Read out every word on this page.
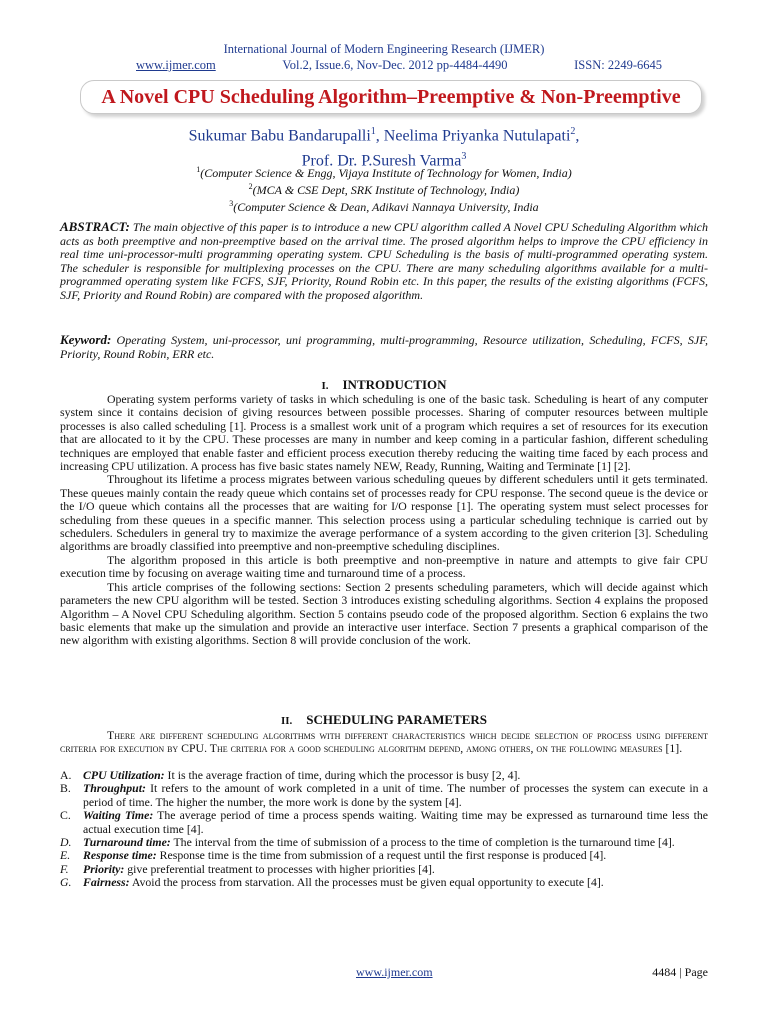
International Journal of Modern Engineering Research (IJMER)
www.ijmer.com	Vol.2, Issue.6, Nov-Dec. 2012 pp-4484-4490	ISSN: 2249-6645
A Novel CPU Scheduling Algorithm–Preemptive & Non-Preemptive
Sukumar Babu Bandarupalli$^1$, Neelima Priyanka Nutulapati$^2$,
Prof. Dr. P.Suresh Varma$^3$
$^1$(Computer Science & Engg, Vijaya Institute of Technology for Women, India)
$^2$(MCA & CSE Dept, SRK Institute of Technology, India)
$^3$(Computer Science & Dean, Adikavi Nannaya University, India
ABSTRACT: The main objective of this paper is to introduce a new CPU algorithm called A Novel CPU Scheduling Algorithm which acts as both preemptive and non-preemptive based on the arrival time. The prosed algorithm helps to improve the CPU efficiency in real time uni-processor-multi programming operating system. CPU Scheduling is the basis of multi-programmed operating system. The scheduler is responsible for multiplexing processes on the CPU. There are many scheduling algorithms available for a multi-programmed operating system like FCFS, SJF, Priority, Round Robin etc. In this paper, the results of the existing algorithms (FCFS, SJF, Priority and Round Robin) are compared with the proposed algorithm.
Keyword: Operating System, uni-processor, uni programming, multi-programming, Resource utilization, Scheduling, FCFS, SJF, Priority, Round Robin, ERR etc.
I. INTRODUCTION

Operating system performs variety of tasks in which scheduling is one of the basic task. Scheduling is heart of any computer system since it contains decision of giving resources between possible processes. Sharing of computer resources between multiple processes is also called scheduling [1]. Process is a smallest work unit of a program which requires a set of resources for its execution that are allocated to it by the CPU. These processes are many in number and keep coming in a particular fashion, different scheduling techniques are employed that enable faster and efficient process execution thereby reducing the waiting time faced by each process and increasing CPU utilization. A process has five basic states namely NEW, Ready, Running, Waiting and Terminate [1] [2].

Throughout its lifetime a process migrates between various scheduling queues by different schedulers until it gets terminated. These queues mainly contain the ready queue which contains set of processes ready for CPU response. The second queue is the device or the I/O queue which contains all the processes that are waiting for I/O response [1]. The operating system must select processes for scheduling from these queues in a specific manner. This selection process using a particular scheduling technique is carried out by schedulers. Schedulers in general try to maximize the average performance of a system according to the given criterion [3]. Scheduling algorithms are broadly classified into preemptive and non-preemptive scheduling disciplines.

The algorithm proposed in this article is both preemptive and non-preemptive in nature and attempts to give fair CPU execution time by focusing on average waiting time and turnaround time of a process.

This article comprises of the following sections: Section 2 presents scheduling parameters, which will decide against which parameters the new CPU algorithm will be tested. Section 3 introduces existing scheduling algorithms. Section 4 explains the proposed Algorithm – A Novel CPU Scheduling algorithm. Section 5 contains pseudo code of the proposed algorithm. Section 6 explains the two basic elements that make up the simulation and provide an interactive user interface. Section 7 presents a graphical comparison of the new algorithm with existing algorithms. Section 8 will provide conclusion of the work.

II. SCHEDULING PARAMETERS

There are different scheduling algorithms with different characteristics which decide selection of process using different criteria for execution by CPU. The criteria for a good scheduling algorithm depend, among others, on the following measures [1].

A. CPU Utilization: It is the average fraction of time, during which the processor is busy [2, 4].
B.	Throughput: It refers to the amount of work completed in a unit of time. The number of processes the system can execute in a period of time. The higher the number, the more work is done by the system [4].
C.	Waiting Time: The average period of time a process spends waiting. Waiting time may be expressed as turnaround time less the actual execution time [4].
D. Turnaround time: The interval from the time of submission of a process to the time of completion is the turnaround time [4].
E.	Response time: Response time is the time from submission of a request until the first response is produced [4].
F.	Priority: give preferential treatment to processes with higher priorities [4].
G. Fairness: Avoid the process from starvation. All the processes must be given equal opportunity to execute [4].
www.ijmer.com	4484 | Page
